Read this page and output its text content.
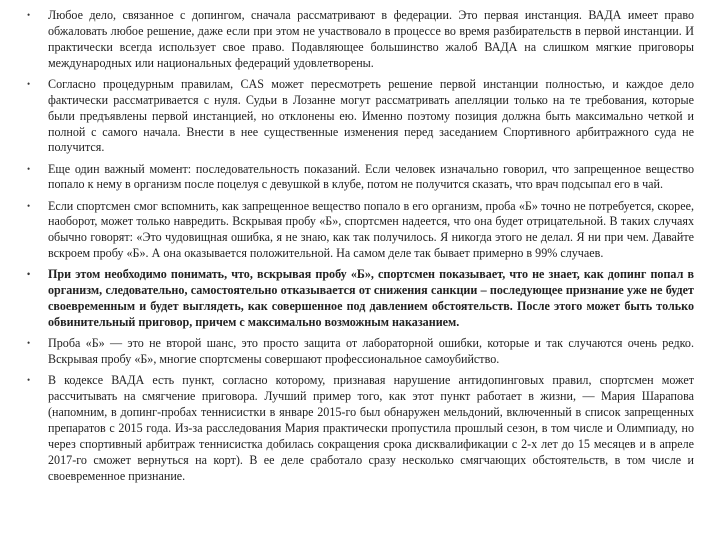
• Любое дело, связанное с допингом, сначала рассматривают в федерации. Это первая инстанция. ВАДА имеет право обжаловать любое решение, даже если при этом не участвовало в процессе во время разбирательств в первой инстанции. И практически всегда использует свое право. Подавляющее большинство жалоб ВАДА на слишком мягкие приговоры международных или национальных федераций удовлетворены.
• Согласно процедурным правилам, CAS может пересмотреть решение первой инстанции полностью, и каждое дело фактически рассматривается с нуля. Судьи в Лозанне могут рассматривать апелляции только на те требования, которые были предъявлены первой инстанцией, но отклонены ею. Именно поэтому позиция должна быть максимально четкой и полной с самого начала. Внести в нее существенные изменения перед заседанием Спортивного арбитражного суда не получится.
• Еще один важный момент: последовательность показаний. Если человек изначально говорил, что запрещенное вещество попало к нему в организм после поцелуя с девушкой в клубе, потом не получится сказать, что врач подсыпал его в чай.
• Если спортсмен смог вспомнить, как запрещенное вещество попало в его организм, проба «Б» точно не потребуется, скорее, наоборот, может только навредить. Вскрывая пробу «Б», спортсмен надеется, что она будет отрицательной. В таких случаях обычно говорят: «Это чудовищная ошибка, я не знаю, как так получилось. Я никогда этого не делал. Я ни при чем. Давайте вскроем пробу «Б». А она оказывается положительной. На самом деле так бывает примерно в 99% случаев.
• При этом необходимо понимать, что, вскрывая пробу «Б», спортсмен показывает, что не знает, как допинг попал в организм, следовательно, самостоятельно отказывается от снижения санкции – последующее признание уже не будет своевременным и будет выглядеть, как совершенное под давлением обстоятельств. После этого может быть только обвинительный приговор, причем с максимально возможным наказанием.
• Проба «Б» — это не второй шанс, это просто защита от лабораторной ошибки, которые и так случаются очень редко. Вскрывая пробу «Б», многие спортсмены совершают профессиональное самоубийство.
• В кодексе ВАДА есть пункт, согласно которому, признавая нарушение антидопинговых правил, спортсмен может рассчитывать на смягчение приговора. Лучший пример того, как этот пункт работает в жизни, — Мария Шарапова (напомним, в допинг-пробах теннисистки в январе 2015-го был обнаружен мельдоний, включенный в список запрещенных препаратов с 2015 года. Из-за расследования Мария практически пропустила прошлый сезон, в том числе и Олимпиаду, но через спортивный арбитраж теннисистка добилась сокращения срока дисквалификации с 2-х лет до 15 месяцев и в апреле 2017-го сможет вернуться на корт). В ее деле сработало сразу несколько смягчающих обстоятельств, в том числе и своевременное признание.
